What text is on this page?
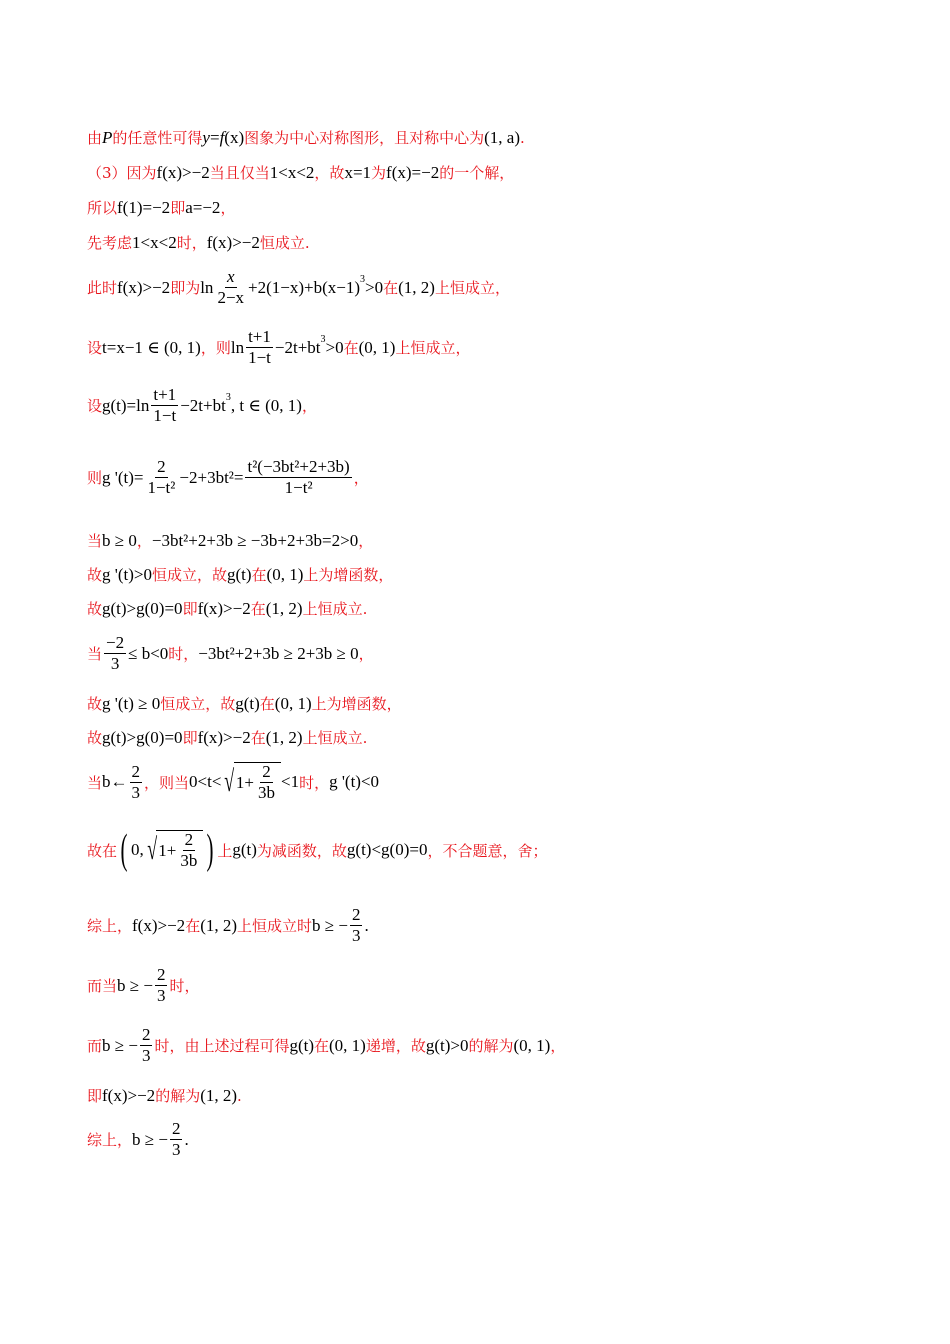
由 P 的任意性可得 y = f (x) 图象为中心对称图形，且对称中心为 (1, a) .
（3）因为 f(x)>−2 当且仅当 1<x<2 ，故 x=1 为 f(x)=−2 的一个解，
所以 f(1)=−2 即 a=−2 ，
先考虑 1<x<2 时， f(x)>−2 恒成立.
此时 f(x)>−2 即为 $\ln \frac{x}{2-x} +2(1-x)+b(x-1)$ 3 >0 在 (1, 2) 上恒成立，
设 t=x−1 ∈ (0, 1) ，则 $\ln \frac{t+1}{1-t} -2t+bt$ 3 >0 在 (0, 1) 上恒成立，
设 $g(t)=\ln \frac{t+1}{1-t} -2t+bt$ 3 , t ∈ (0, 1) ，
则 g '$(t)= \frac{2}{\text{1−t²}} -2+3bt^2= \frac{\text{t²(−3bt²+2+3b)}}{\text{1−t²}}$ ，
当 b ≥ 0 ， −3bt²+2+3b ≥ −3b+2+3b=2>0 ，
故 g '(t)>0 恒成立，故 g(t) 在 (0, 1) 上为增函数，
故 g(t)>g(0)=0 即 f(x)>−2 在 (1, 2) 上恒成立.
当 $\frac{-2}{3} \le b<0$ 时， −3bt²+2+3b ≥ 2+3b ≥ 0 ，
故 g '(t) ≥ 0 恒成立，故 g(t) 在 (0, 1) 上为增函数，
故 g(t)>g(0)=0 即 f(x)>−2 在 (1, 2) 上恒成立.
当 b← $\frac{2}{3}$ ，则当 0<t< √ $1+ \frac{2}{3b} <1$ 时， g '(t)<0
故在 ( 0, √ $1+ \frac{2}{3b}$ ) 上 g(t) 为减函数，故 g(t)<g(0)=0 ，不合题意，舍；
综上， f(x)>−2 在 (1, 2) 上恒成立时 b ≥ − $\frac{2}{3}$ .
而当 b ≥ − $\frac{2}{3}$ 时，
而 b ≥ − $\frac{2}{3}$ 时，由上述过程可得 g(t) 在 (0, 1) 递增，故 g(t)>0 的解为 (0, 1) ，
即 f(x)>−2 的解为 (1, 2) .
综上， b ≥ − $\frac{2}{3}$ .
